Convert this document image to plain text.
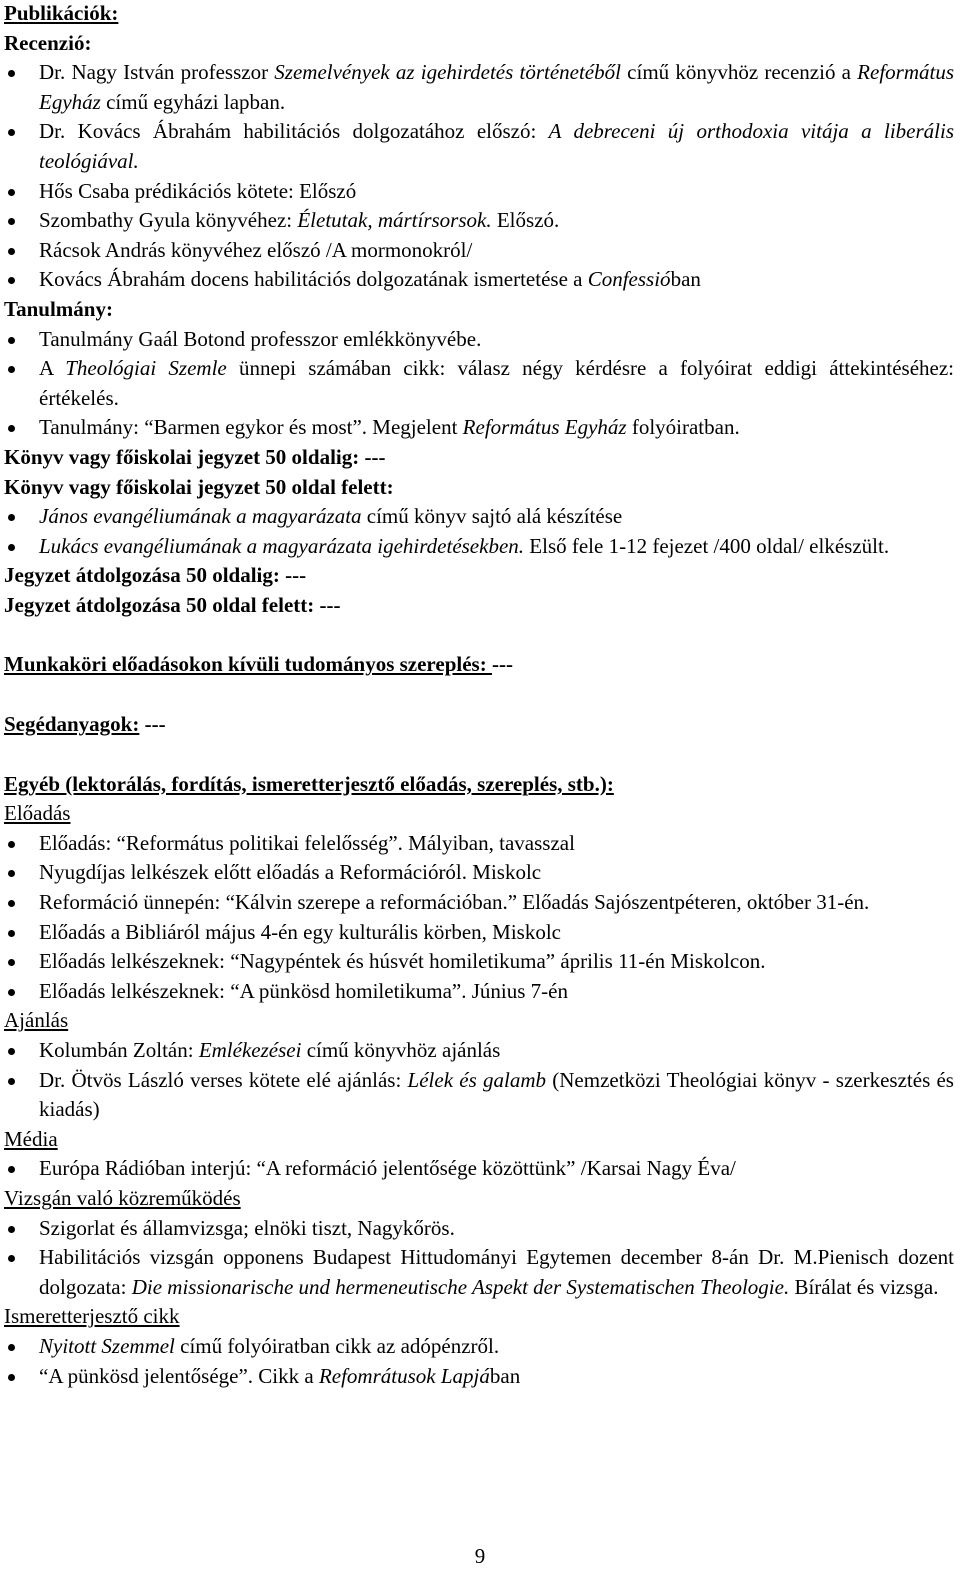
Publikációk:
Recenzió:
Dr. Nagy István professzor Szemelvények az igehirdetés történetéből című könyvhöz recenzió a Református Egyház című egyházi lapban.
Dr. Kovács Ábrahám habilitációs dolgozatához előszó: A debreceni új orthodoxia vitája a liberális teológiával.
Hős Csaba prédikációs kötete: Előszó
Szombathy Gyula könyvéhez: Életutak, mártírsorsok. Előszó.
Rácsok András könyvéhez előszó /A mormonokról/
Kovács Ábrahám docens habilitációs dolgozatának ismertetése a Confessióban
Tanulmány:
Tanulmány Gaál Botond professzor emlékkönyvébe.
A Theológiai Szemle ünnepi számában cikk: válasz négy kérdésre a folyóirat eddigi áttekintéséhez: értékelés.
Tanulmány: “Barmen egykor és most”. Megjelent Református Egyház folyóiratban.
Könyv vagy főiskolai jegyzet 50 oldalig: ---
Könyv vagy főiskolai jegyzet 50 oldal felett:
János evangéliumának a magyarázata című könyv sajtó alá készítése
Lukács evangéliumának a magyarázata igehirdetésekben. Első fele 1-12 fejezet /400 oldal/ elkészült.
Jegyzet átdolgozása 50 oldalig: ---
Jegyzet átdolgozása 50 oldal felett: ---
Munkaköri előadásokon kívüli tudományos szereplés: ---
Segédanyagok: ---
Egyéb (lektorálás, fordítás, ismeretterjesztő előadás, szereplés, stb.):
Előadás
Előadás: “Református politikai felelősség”. Mályiban, tavasszal
Nyugdíjas lelkészek előtt előadás a Reformációról. Miskolc
Reformáció ünnepén: “Kálvin szerepe a reformációban.” Előadás Sajószentpéteren, október 31-én.
Előadás a Bibliáról május 4-én egy kulturális körben, Miskolc
Előadás lelkészeknek: “Nagypéntek és húsvét homiletikuma” április 11-én Miskolcon.
Előadás lelkészeknek: “A pünkösd homiletikuma”. Június 7-én
Ajánlás
Kolumbán Zoltán: Emlékezései című könyvhöz ajánlás
Dr. Ötvös László verses kötete elé ajánlás: Lélek és galamb (Nemzetközi Theológiai könyv - szerkesztés és kiadás)
Média
Európa Rádióban interjú: “A reformáció jelentősége közöttünk” /Karsai Nagy Éva/
Vizsgán való közreműködés
Szigorlat és államvizsga; elnöki tiszt, Nagykőrös.
Habilitációs vizsgán opponens Budapest Hittudományi Egytemen december 8-án Dr. M.Pienisch dozent dolgozata: Die missionarische und hermeneutische Aspekt der Systematischen Theologie. Bírálat és vizsga.
Ismeretterjesztő cikk
Nyitott Szemmel című folyóiratban cikk az adópénzről.
“A pünkösd jelentősége”. Cikk a Refomrátusok Lapjában
9
